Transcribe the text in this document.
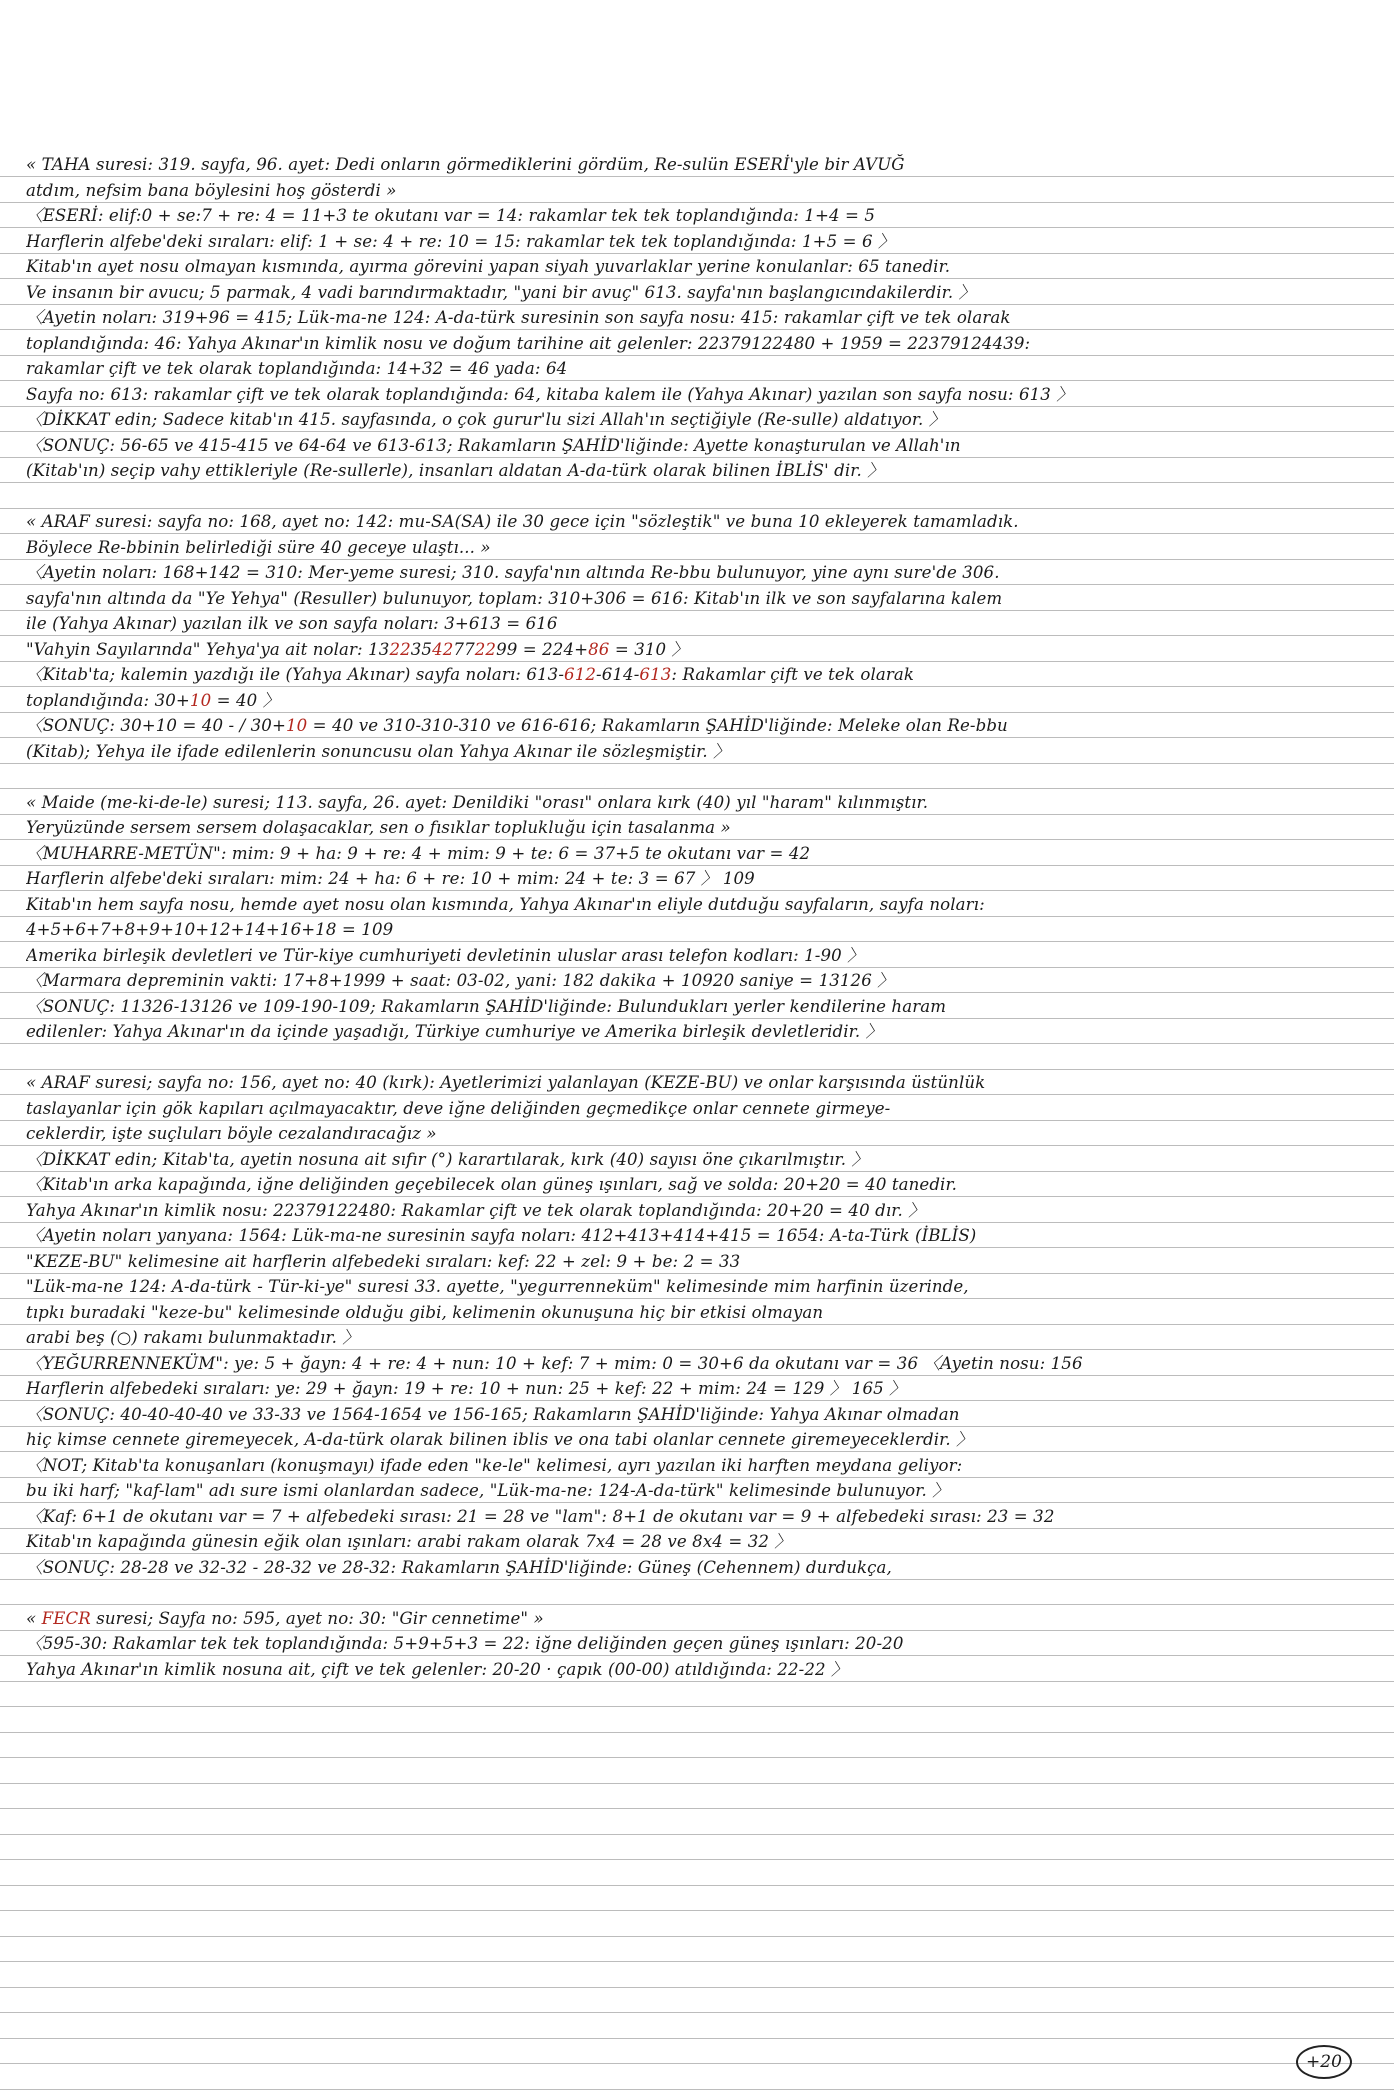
« TAHA suresi: 319. sayfa, 96. ayet: Dedi onların görmediklerini gördüm, Re-sulün ESERİ'yle bir AVUĞ
atdım, nefsim bana böylesini hoş gösterdi »
〈ESERİ: elif:0 + se:7 + re: 4 = 11+3 te okutanı var = 14: rakamlar tek tek toplandığında: 1+4 = 5
Harflerin alfebe'deki sıraları: elif: 1 + se: 4 + re: 10 = 15: rakamlar tek tek toplandığında: 1+5 = 6 〉
Kitab'ın ayet nosu olmayan kısmında, ayırma görevini yapan siyah yuvarlaklar yerine konulanlar: 65 tanedir.
Ve insanın bir avucu; 5 parmak, 4 vadi barındırmaktadır, "yani bir avuç" 613. sayfa'nın başlangıcındakilerdir. 〉
〈Ayetin noları: 319+96 = 415; Lük-ma-ne 124: A-da-türk suresinin son sayfa nosu: 415: rakamlar çift ve tek olarak
toplandığında: 46: Yahya Akınar'ın kimlik nosu ve doğum tarihine ait gelenler: 22379122480 + 1959 = 22379124439:
rakamlar çift ve tek olarak toplandığında: 14+32 = 46 yada: 64
Sayfa no: 613: rakamlar çift ve tek olarak toplandığında: 64, kitaba kalem ile (Yahya Akınar) yazılan son sayfa nosu: 613 〉
〈DİKKAT edin; Sadece kitab'ın 415. sayfasında, o çok gurur'lu sizi Allah'ın seçtiğiyle (Re-sulle) aldatıyor. 〉
〈SONUÇ: 56-65 ve 415-415 ve 64-64 ve 613-613; Rakamların ŞAHİD'liğinde: Ayette konaşturulan ve Allah'ın
(Kitab'ın) seçip vahy ettikleriyle (Re-sullerle), insanları aldatan A-da-türk olarak bilinen İBLİS' dir. 〉
« ARAF suresi: sayfa no: 168, ayet no: 142: mu-SA(SA) ile 30 gece için "sözleştik" ve buna 10 ekleyerek tamamladık.
Böylece Re-bbinin belirlediği süre 40 geceye ulaştı... »
〈Ayetin noları: 168+142 = 310: Mer-yeme suresi; 310. sayfa'nın altında Re-bbu bulunuyor, yine aynı sure'de 306.
sayfa'nın altında da "Ye Yehya" (Resuller) bulunuyor, toplam: 310+306 = 616: Kitab'ın ilk ve son sayfalarına kalem
ile (Yahya Akınar) yazılan ilk ve son sayfa noları: 3+613 = 616
"Vahyin Sayılarında" Yehya'ya ait nolar: 13223542772299 = 224+86 = 310 〉
〈Kitab'ta; kalemin yazdığı ile (Yahya Akınar) sayfa noları: 613-612-614-613: Rakamlar çift ve tek olarak
toplandığında: 30+10 = 40 〉
〈SONUÇ: 30+10 = 40 - / 30+10 = 40 ve 310-310-310 ve 616-616; Rakamların ŞAHİD'liğinde: Meleke olan Re-bbu
(Kitab); Yehya ile ifade edilenlerin sonuncusu olan Yahya Akınar ile sözleşmiştir. 〉
« Maide (me-ki-de-le) suresi; 113. sayfa, 26. ayet: Denildiki "orası" onlara kırk (40) yıl "haram" kılınmıştır.
Yeryüzünde sersem sersem dolaşacaklar, sen o fısıklar toplukluğu için tasalanma »
〈MUHARRE-METÜN": mim: 9 + ha: 9 + re: 4 + mim: 9 + te: 6 = 37+5 te okutanı var = 42
Harflerin alfebe'deki sıraları: mim: 24 + ha: 6 + re: 10 + mim: 24 + te: 3 = 67 〉 109
Kitab'ın hem sayfa nosu, hemde ayet nosu olan kısmında, Yahya Akınar'ın eliyle dutduğu sayfaların, sayfa noları:
4+5+6+7+8+9+10+12+14+16+18 = 109
Amerika birleşik devletleri ve Tür-kiye cumhuriyeti devletinin uluslar arası telefon kodları: 1-90 〉
〈Marmara depreminin vakti: 17+8+1999 + saat: 03-02, yani: 182 dakika + 10920 saniye = 13126 〉
〈SONUÇ: 11326-13126 ve 109-190-109; Rakamların ŞAHİD'liğinde: Bulundukları yerler kendilerine haram
edilenler: Yahya Akınar'ın da içinde yaşadığı, Türkiye cumhuriye ve Amerika birleşik devletleridir. 〉
« ARAF suresi; sayfa no: 156, ayet no: 40 (kırk): Ayetlerimizi yalanlayan (KEZE-BU) ve onlar karşısında üstünlük
taslayanlar için gök kapıları açılmayacaktır, deve iğne deliğinden geçmedikçe onlar cennete girmeye-
ceklerdir, işte suçluları böyle cezalandıracağız »
〈DİKKAT edin; Kitab'ta, ayetin nosuna ait sıfır (°) karartılarak, kırk (40) sayısı öne çıkarılmıştır. 〉
〈Kitab'ın arka kapağında, iğne deliğinden geçebilecek olan güneş ışınları, sağ ve solda: 20+20 = 40 tanedir.
Yahya Akınar'ın kimlik nosu: 22379122480: Rakamlar çift ve tek olarak toplandığında: 20+20 = 40 dır. 〉
〈Ayetin noları yanyana: 1564: Lük-ma-ne suresinin sayfa noları: 412+413+414+415 = 1654: A-ta-Türk (İBLİS)
"KEZE-BU" kelimesine ait harflerin alfebedeki sıraları: kef: 22 + zel: 9 + be: 2 = 33
"Lük-ma-ne 124: A-da-türk - Tür-ki-ye" suresi 33. ayette, "yegurrenneküm" kelimesinde mim harfinin üzerinde,
tıpkı buradaki "keze-bu" kelimesinde olduğu gibi, kelimenin okunuşuna hiç bir etkisi olmayan
arabi beş (○) rakamı bulunmaktadır. 〉
〈YEĞURRENNEKÜM": ye: 5 + ğayn: 4 + re: 4 + nun: 10 + kef: 7 + mim: 0 = 30+6 da okutanı var = 36 〈Ayetin nosu: 156
Harflerin alfebedeki sıraları: ye: 29 + ğayn: 19 + re: 10 + nun: 25 + kef: 22 + mim: 24 = 129 〉 165 〉
〈SONUÇ: 40-40-40-40 ve 33-33 ve 1564-1654 ve 156-165; Rakamların ŞAHİD'liğinde: Yahya Akınar olmadan
hiç kimse cennete giremeyecek, A-da-türk olarak bilinen iblis ve ona tabi olanlar cennete giremeyeceklerdir. 〉
〈NOT; Kitab'ta konuşanları (konuşmayı) ifade eden "ke-le" kelimesi, ayrı yazılan iki harften meydana geliyor:
bu iki harf; "kaf-lam" adı sure ismi olanlardan sadece, "Lük-ma-ne: 124-A-da-türk" kelimesinde bulunuyor. 〉
〈Kaf: 6+1 de okutanı var = 7 + alfebedeki sırası: 21 = 28 ve "lam": 8+1 de okutanı var = 9 + alfebedeki sırası: 23 = 32
Kitab'ın kapağında günesin eğik olan ışınları: arabi rakam olarak 7x4 = 28 ve 8x4 = 32 〉
〈SONUÇ: 28-28 ve 32-32 - 28-32 ve 28-32: Rakamların ŞAHİD'liğinde: Güneş (Cehennem) durdukça,
« FECR suresi; Sayfa no: 595, ayet no: 30: "Gir cennetime" »
〈595-30: Rakamlar tek tek toplandığında: 5+9+5+3 = 22: iğne deliğinden geçen güneş ışınları: 20-20
Yahya Akınar'ın kimlik nosuna ait, çift ve tek gelenler: 20-20 · çapık (00-00) atıldığında: 22-22 〉
+20
